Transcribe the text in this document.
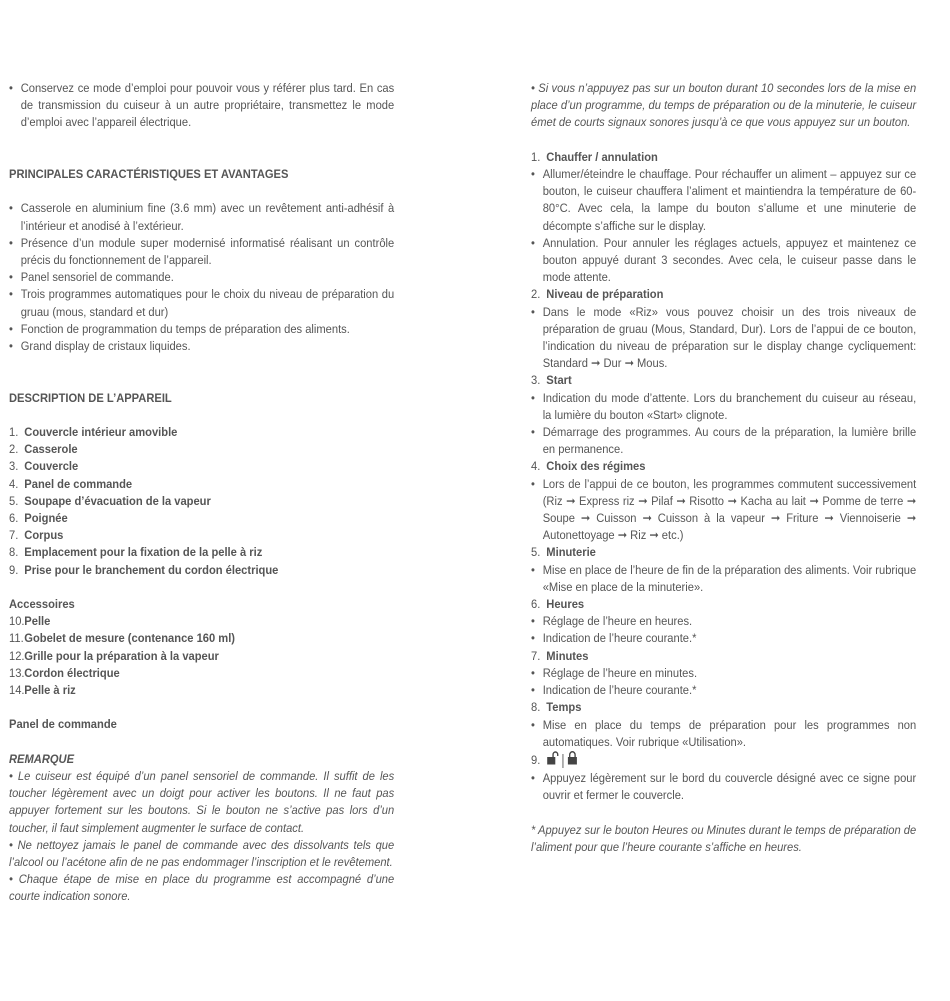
• Conservez ce mode d’emploi pour pouvoir vous y référer plus tard. En cas de transmission du cuiseur à un autre propriétaire, transmettez le mode d’emploi avec l’appareil électrique.

PRINCIPALES CARACTÉRISTIQUES ET AVANTAGES

• Casserole en aluminium fine (3.6 mm) avec un revêtement anti-adhésif à l’intérieur et anodisé à l’extérieur.

• Présence d’un module super modernisé informatisé réalisant un contrôle précis du fonctionnement de l’appareil.

• Panel sensoriel de commande.

• Trois programmes automatiques pour le choix du niveau de préparation du gruau (mous, standard et dur)

• Fonction de programmation du temps de préparation des aliments.

• Grand display de cristaux liquides.

DESCRIPTION DE L’APPAREIL

1. Couvercle intérieur amovible

2. Casserole

3. Couvercle

4. Panel de commande

5. Soupape d’évacuation de la vapeur

6. Poignée

7. Corpus

8. Emplacement pour la fixation de la pelle à riz

9. Prise pour le branchement du cordon électrique

Accessoires

10. Pelle

11. Gobelet de mesure (contenance 160 ml)

12. Grille pour la préparation à la vapeur

13. Cordon électrique

14. Pelle à riz

Panel de commande

REMARQUE

• Le cuiseur est équipé d’un panel sensoriel de commande. Il suffit de les toucher légèrement avec un doigt pour activer les boutons. Il ne faut pas appuyer fortement sur les boutons. Si le bouton ne s’active pas lors d’un toucher, il faut simplement augmenter le surface de contact.

• Ne nettoyez jamais le panel de commande avec des dissolvants tels que l’alcool ou l’acétone afin de ne pas endommager l’inscription et le revêtement.

• Chaque étape de mise en place du programme est accompagné d’une courte indication sonore.

• Si vous n’appuyez pas sur un bouton durant 10 secondes lors de la mise en place d’un programme, du temps de préparation ou de la minuterie, le cuiseur émet de courts signaux sonores jusqu’à ce que vous appuyez sur un bouton.

1. Chauffer / annulation

• Allumer/éteindre le chauffage. Pour réchauffer un aliment – appuyez sur ce bouton, le cuiseur chauffera l’aliment et maintiendra la température de 60-80°C. Avec cela, la lampe du bouton s’allume et une minuterie de décompte s’affiche sur le display.

• Annulation. Pour annuler les réglages actuels, appuyez et maintenez ce bouton appuyé durant 3 secondes. Avec cela, le cuiseur passe dans le mode attente.

2. Niveau de préparation

• Dans le mode «Riz» vous pouvez choisir un des trois niveaux de préparation de gruau (Mous, Standard, Dur). Lors de l’appui de ce bouton, l’indication du niveau de préparation sur le display change cycliquement: Standard ➞ Dur ➞ Mous.

3. Start

• Indication du mode d’attente. Lors du branchement du cuiseur au réseau, la lumière du bouton «Start» clignote.

• Démarrage des programmes. Au cours de la préparation, la lumière brille en permanence.

4. Choix des régimes

• Lors de l’appui de ce bouton, les programmes commutent successivement (Riz ➞ Express riz ➞ Pilaf ➞ Risotto ➞ Kacha au lait ➞ Pomme de terre ➞ Soupe ➞ Cuisson ➞ Cuisson à la vapeur ➞ Friture ➞ Viennoiserie ➞ Autonettoyage ➞ Riz ➞ etc.)

5. Minuterie

• Mise en place de l’heure de fin de la préparation des aliments. Voir rubrique «Mise en place de la minuterie».

6. Heures

• Réglage de l’heure en heures.

• Indication de l’heure courante.*

7. Minutes

• Réglage de l’heure en minutes.

• Indication de l’heure courante.*

8. Temps

• Mise en place du temps de préparation pour les programmes non automatiques. Voir rubrique «Utilisation».

9.

• Appuyez légèrement sur le bord du couvercle désigné avec ce signe pour ouvrir et fermer le couvercle.

* Appuyez sur le bouton Heures ou Minutes durant le temps de préparation de l’aliment pour que l’heure courante s’affiche en heures.
